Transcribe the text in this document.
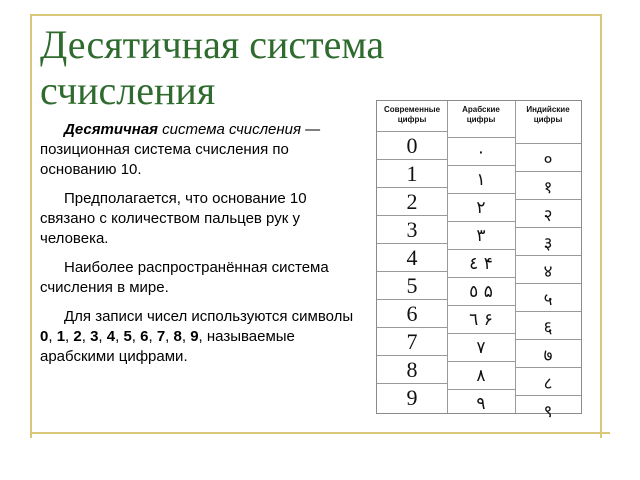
Десятичная система счисления

Десятичная система счисления — позиционная система счисления по основанию 10.

Предполагается, что основание 10 связано с количеством пальцев рук у человека.

Наиболее распространённая система счисления в мире.

Для записи чисел используются символы 0, 1, 2, 3, 4, 5, 6, 7, 8, 9, называемые арабскими цифрами.

Современные цифры
Арабские цифры
Индийские цифры
0
1
2
3
4
5
6
7
8
9
٠
١
٢
٣
٤ ۴
٥ ۵
٦ ۶
٧
٨
٩
०
१
२
३
४
५
६
७
८
९
